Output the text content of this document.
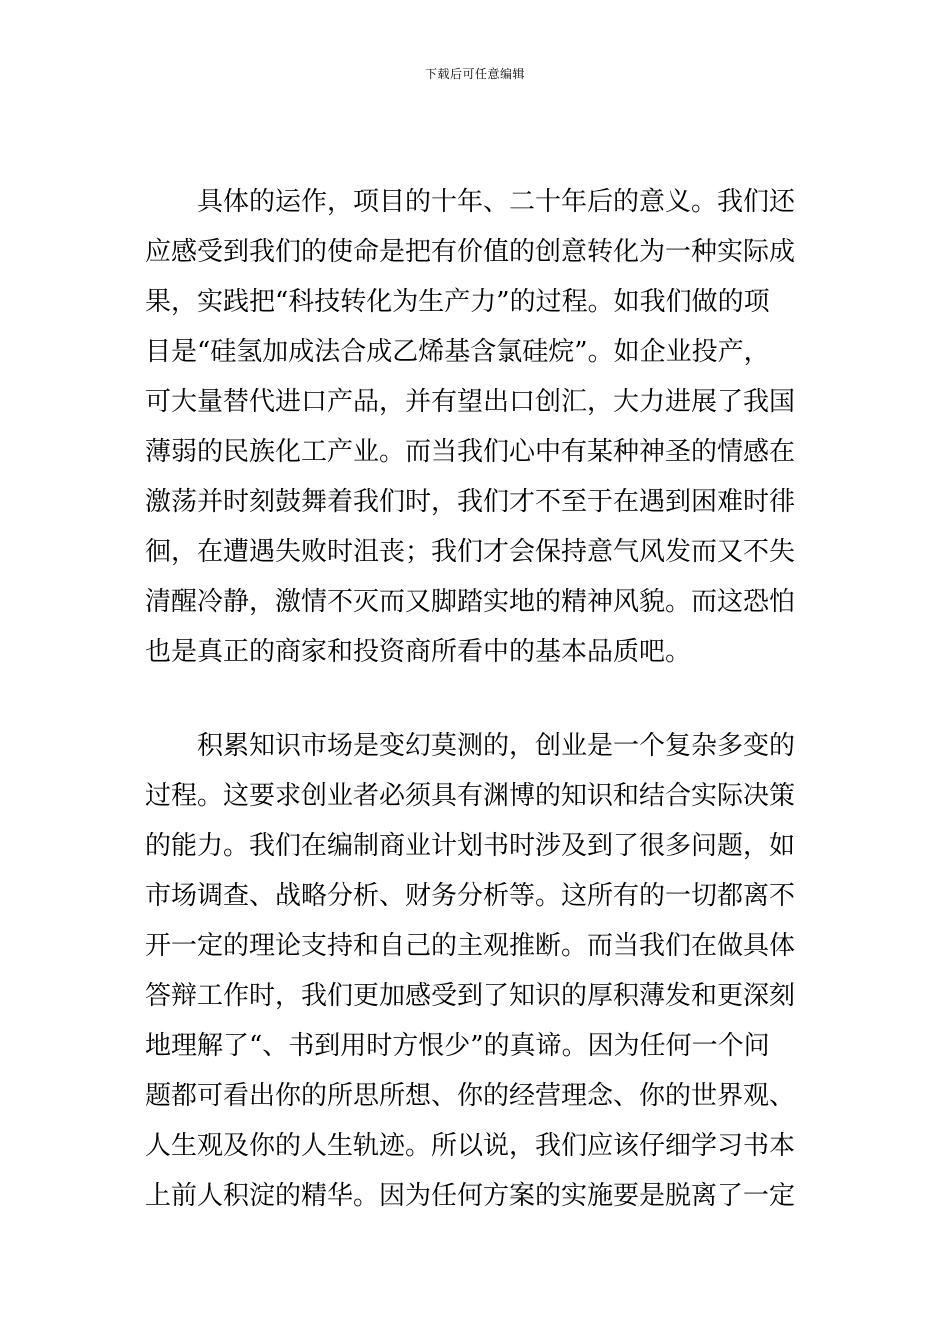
下载后可任意编辑
　　具体的运作，项目的十年、二十年后的意义。我们还
应感受到我们的使命是把有价值的创意转化为一种实际成
果，实践把“科技转化为生产力”的过程。如我们做的项
目是“硅氢加成法合成乙烯基含氯硅烷”。如企业投产，
可大量替代进口产品，并有望出口创汇，大力进展了我国
薄弱的民族化工产业。而当我们心中有某种神圣的情感在
激荡并时刻鼓舞着我们时，我们才不至于在遇到困难时徘
徊，在遭遇失败时沮丧；我们才会保持意气风发而又不失
清醒冷静，激情不灭而又脚踏实地的精神风貌。而这恐怕
也是真正的商家和投资商所看中的基本品质吧。
　　积累知识市场是变幻莫测的，创业是一个复杂多变的
过程。这要求创业者必须具有渊博的知识和结合实际决策
的能力。我们在编制商业计划书时涉及到了很多问题，如
市场调查、战略分析、财务分析等。这所有的一切都离不
开一定的理论支持和自己的主观推断。而当我们在做具体
答辩工作时，我们更加感受到了知识的厚积薄发和更深刻
地理解了“、书到用时方恨少”的真谛。因为任何一个问
题都可看出你的所思所想、你的经营理念、你的世界观、
人生观及你的人生轨迹。所以说，我们应该仔细学习书本
上前人积淀的精华。因为任何方案的实施要是脱离了一定
